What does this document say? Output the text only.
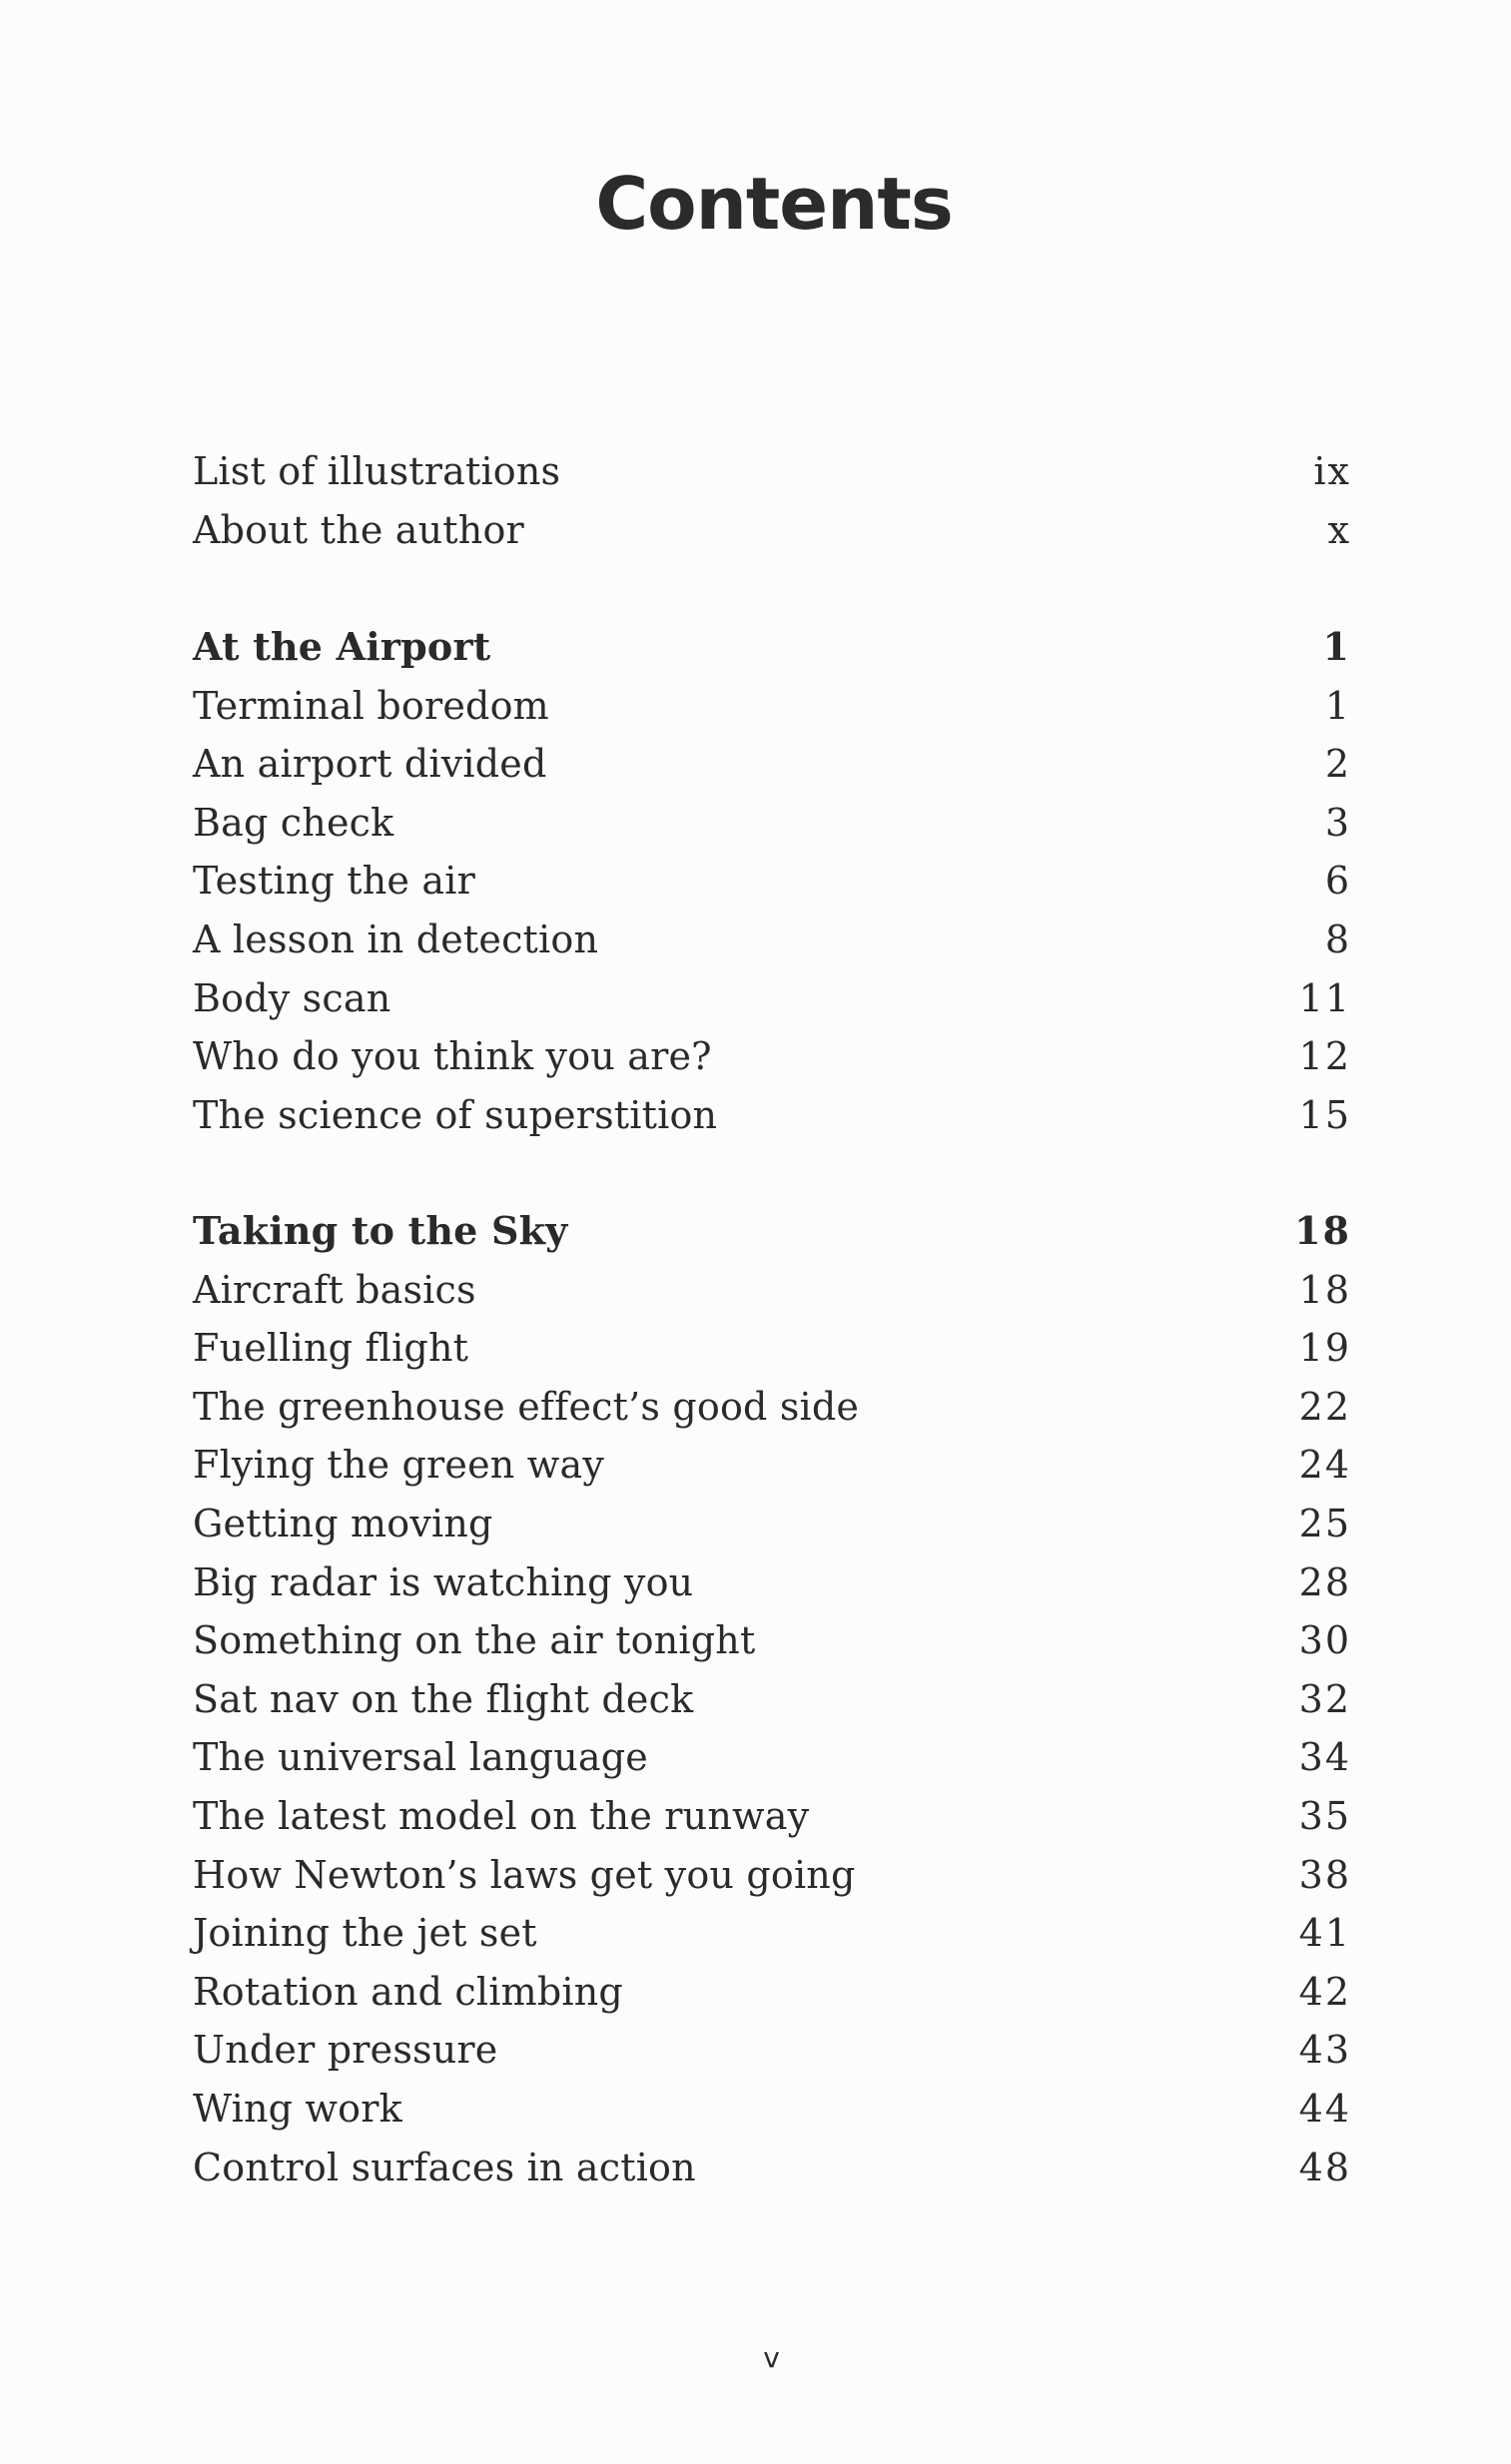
Contents
List of illustrations	ix
About the author	x
At the Airport	1
Terminal boredom	1
An airport divided	2
Bag check	3
Testing the air	6
A lesson in detection	8
Body scan	11
Who do you think you are?	12
The science of superstition	15
Taking to the Sky	18
Aircraft basics	18
Fuelling flight	19
The greenhouse effect’s good side	22
Flying the green way	24
Getting moving	25
Big radar is watching you	28
Something on the air tonight	30
Sat nav on the flight deck	32
The universal language	34
The latest model on the runway	35
How Newton’s laws get you going	38
Joining the jet set	41
Rotation and climbing	42
Under pressure	43
Wing work	44
Control surfaces in action	48
v
